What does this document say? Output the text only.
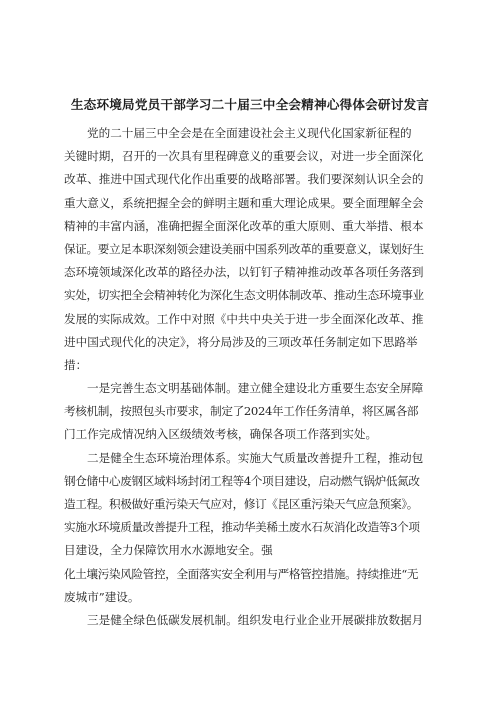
生态环境局党员干部学习二十届三中全会精神心得体会研讨发言
党的二十届三中全会是在全面建设社会主义现代化国家新征程的
关键时期，召开的一次具有里程碑意义的重要会议，对进一步全面深化
改革、推进中国式现代化作出重要的战略部署。我们要深刻认识全会的
重大意义，系统把握全会的鲜明主题和重大理论成果。要全面理解全会
精神的丰富内涵，准确把握全面深化改革的重大原则、重大举措、根本
保证。要立足本职深刻领会建设美丽中国系列改革的重要意义，谋划好生
态环境领域深化改革的路径办法，以钉钉子精神推动改革各项任务落到
实处，切实把全会精神转化为深化生态文明体制改革、推动生态环境事业
发展的实际成效。工作中对照《中共中央关于进一步全面深化改革、推
进中国式现代化的决定》，将分局涉及的三项改革任务制定如下思路举
措：
一是完善生态文明基础体制。建立健全建设北方重要生态安全屏障
考核机制，按照包头市要求，制定了2024年工作任务清单，将区属各部
门工作完成情况纳入区级绩效考核，确保各项工作落到实处。
二是健全生态环境治理体系。实施大气质量改善提升工程，推动包
钢仓储中心废钢区域料场封闭工程等4个项目建设，启动燃气锅炉低氮改
造工程。积极做好重污染天气应对，修订《昆区重污染天气应急预案》。
实施水环境质量改善提升工程，推动华美稀土废水石灰消化改造等3个项
目建设，全力保障饮用水水源地安全。强
化土壤污染风险管控，全面落实安全利用与严格管控措施。持续推进“无
废城市”建设。
三是健全绿色低碳发展机制。组织发电行业企业开展碳排放数据月
